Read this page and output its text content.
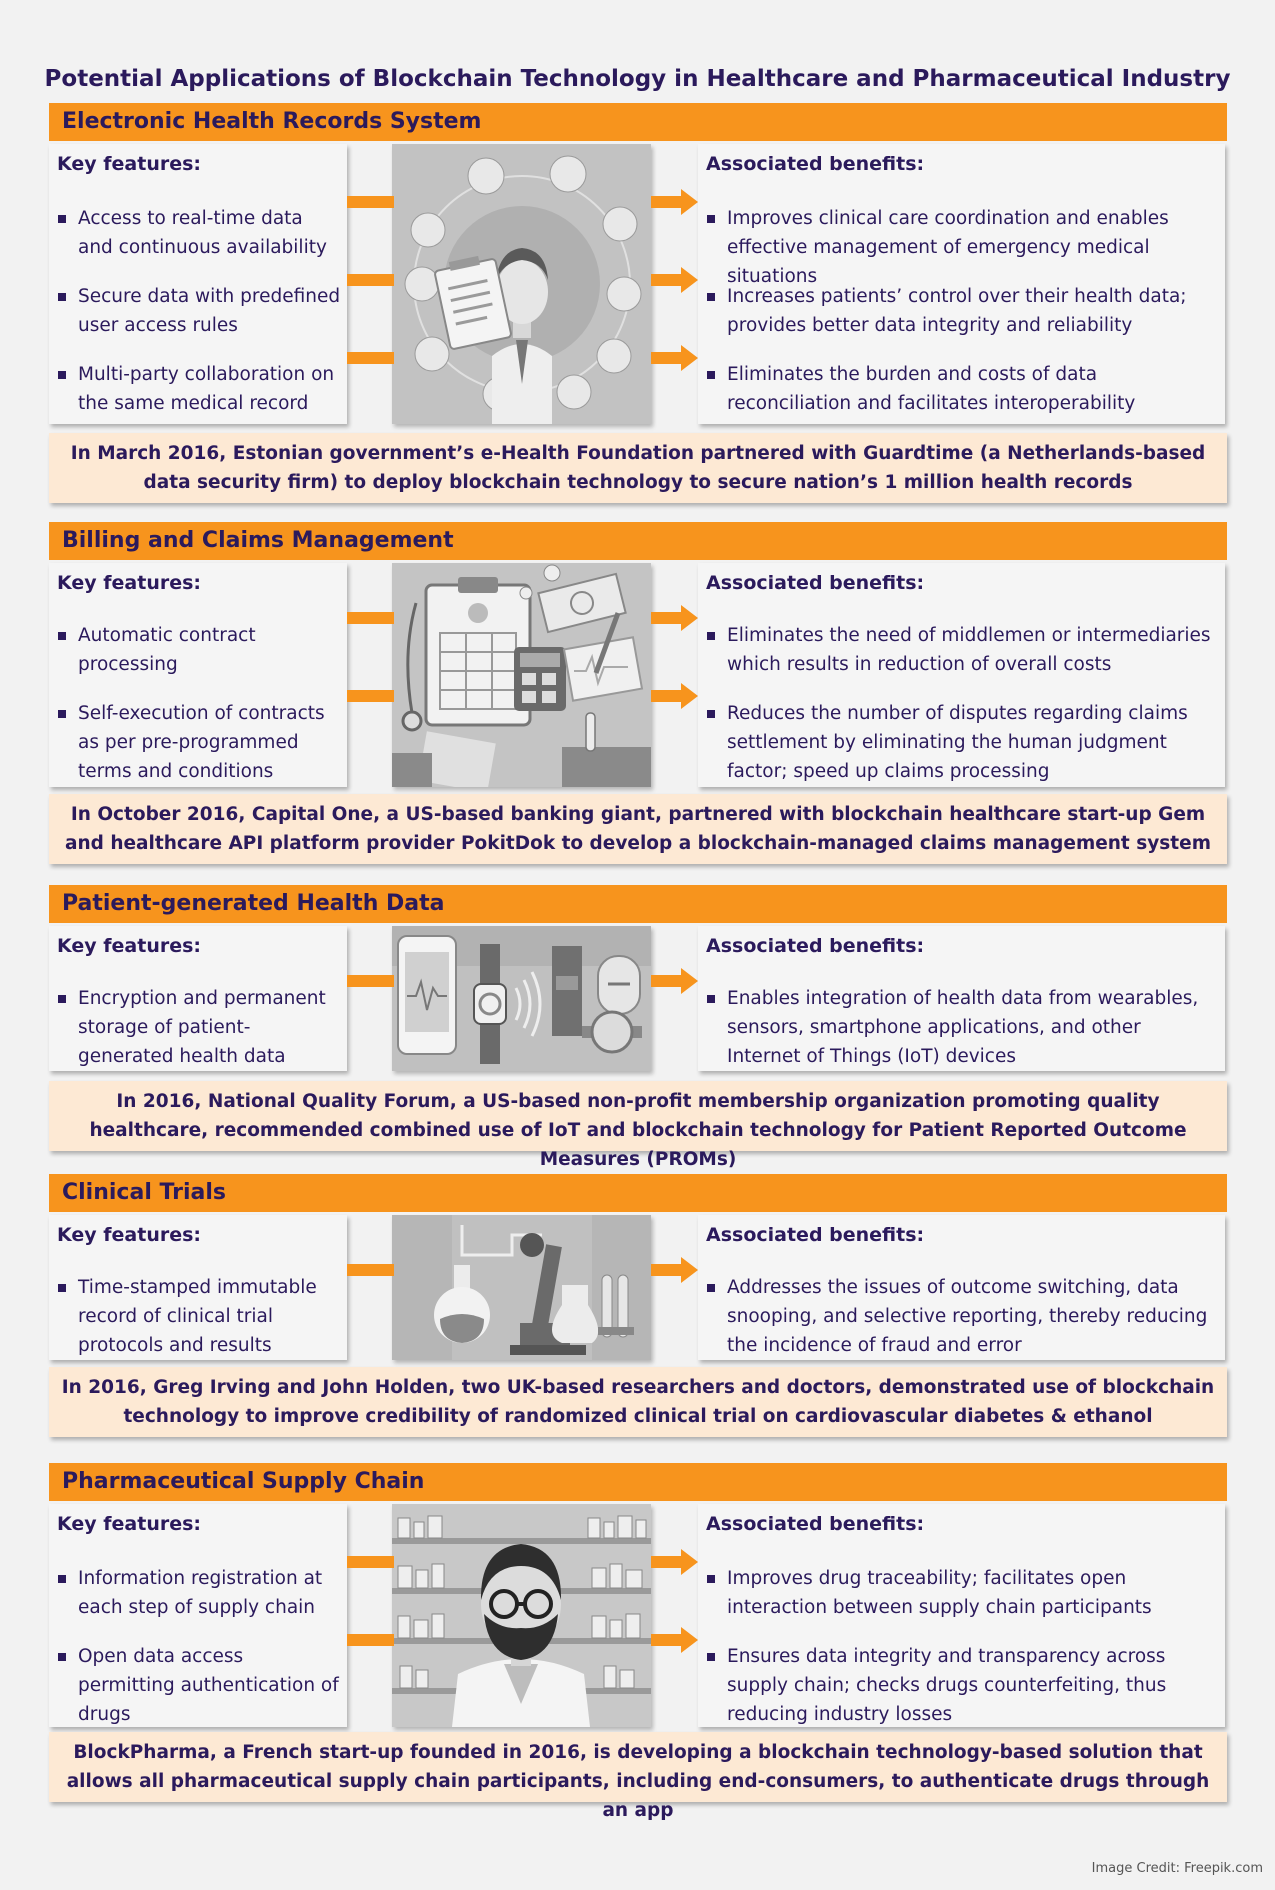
Potential Applications of Blockchain Technology in Healthcare and Pharmaceutical Industry
Electronic Health Records System
Key features:
Access to real-time data and continuous availability
Secure data with predefined user access rules
Multi-party collaboration on the same medical record
Associated benefits:
Improves clinical care coordination and enables effective management of emergency medical situations
Increases patients’ control over their health data; provides better data integrity and reliability
Eliminates the burden and costs of data reconciliation and facilitates interoperability
In March 2016, Estonian government’s e-Health Foundation partnered with Guardtime (a Netherlands-based data security firm) to deploy blockchain technology to secure nation’s 1 million health records
Billing and Claims Management
Key features:
Automatic contract processing
Self-execution of contracts as per pre-programmed terms and conditions
Associated benefits:
Eliminates the need of middlemen or intermediaries which results in reduction of overall costs
Reduces the number of disputes regarding claims settlement by eliminating the human judgment factor; speed up claims processing
In October 2016, Capital One, a US-based banking giant, partnered with blockchain healthcare start-up Gem and healthcare API platform provider PokitDok to develop a blockchain-managed claims management system
Patient-generated Health Data
Key features:
Encryption and permanent storage of patient-generated health data
Associated benefits:
Enables integration of health data from wearables, sensors, smartphone applications, and other Internet of Things (IoT) devices
In 2016, National Quality Forum, a US-based non-profit membership organization promoting quality healthcare, recommended combined use of IoT and blockchain technology for Patient Reported Outcome Measures (PROMs)
Clinical Trials
Key features:
Time-stamped immutable record of clinical trial protocols and results
Associated benefits:
Addresses the issues of outcome switching, data snooping, and selective reporting, thereby reducing the incidence of fraud and error
In 2016, Greg Irving and John Holden, two UK-based researchers and doctors, demonstrated use of blockchain technology to improve credibility of randomized clinical trial on cardiovascular diabetes & ethanol
Pharmaceutical Supply Chain
Key features:
Information registration at each step of supply chain
Open data access permitting authentication of drugs
Associated benefits:
Improves drug traceability; facilitates open interaction between supply chain participants
Ensures data integrity and transparency across supply chain; checks drugs counterfeiting, thus reducing industry losses
BlockPharma, a French start-up founded in 2016, is developing a blockchain technology-based solution that allows all pharmaceutical supply chain participants, including end-consumers, to authenticate drugs through an app
Image Credit: Freepik.com
